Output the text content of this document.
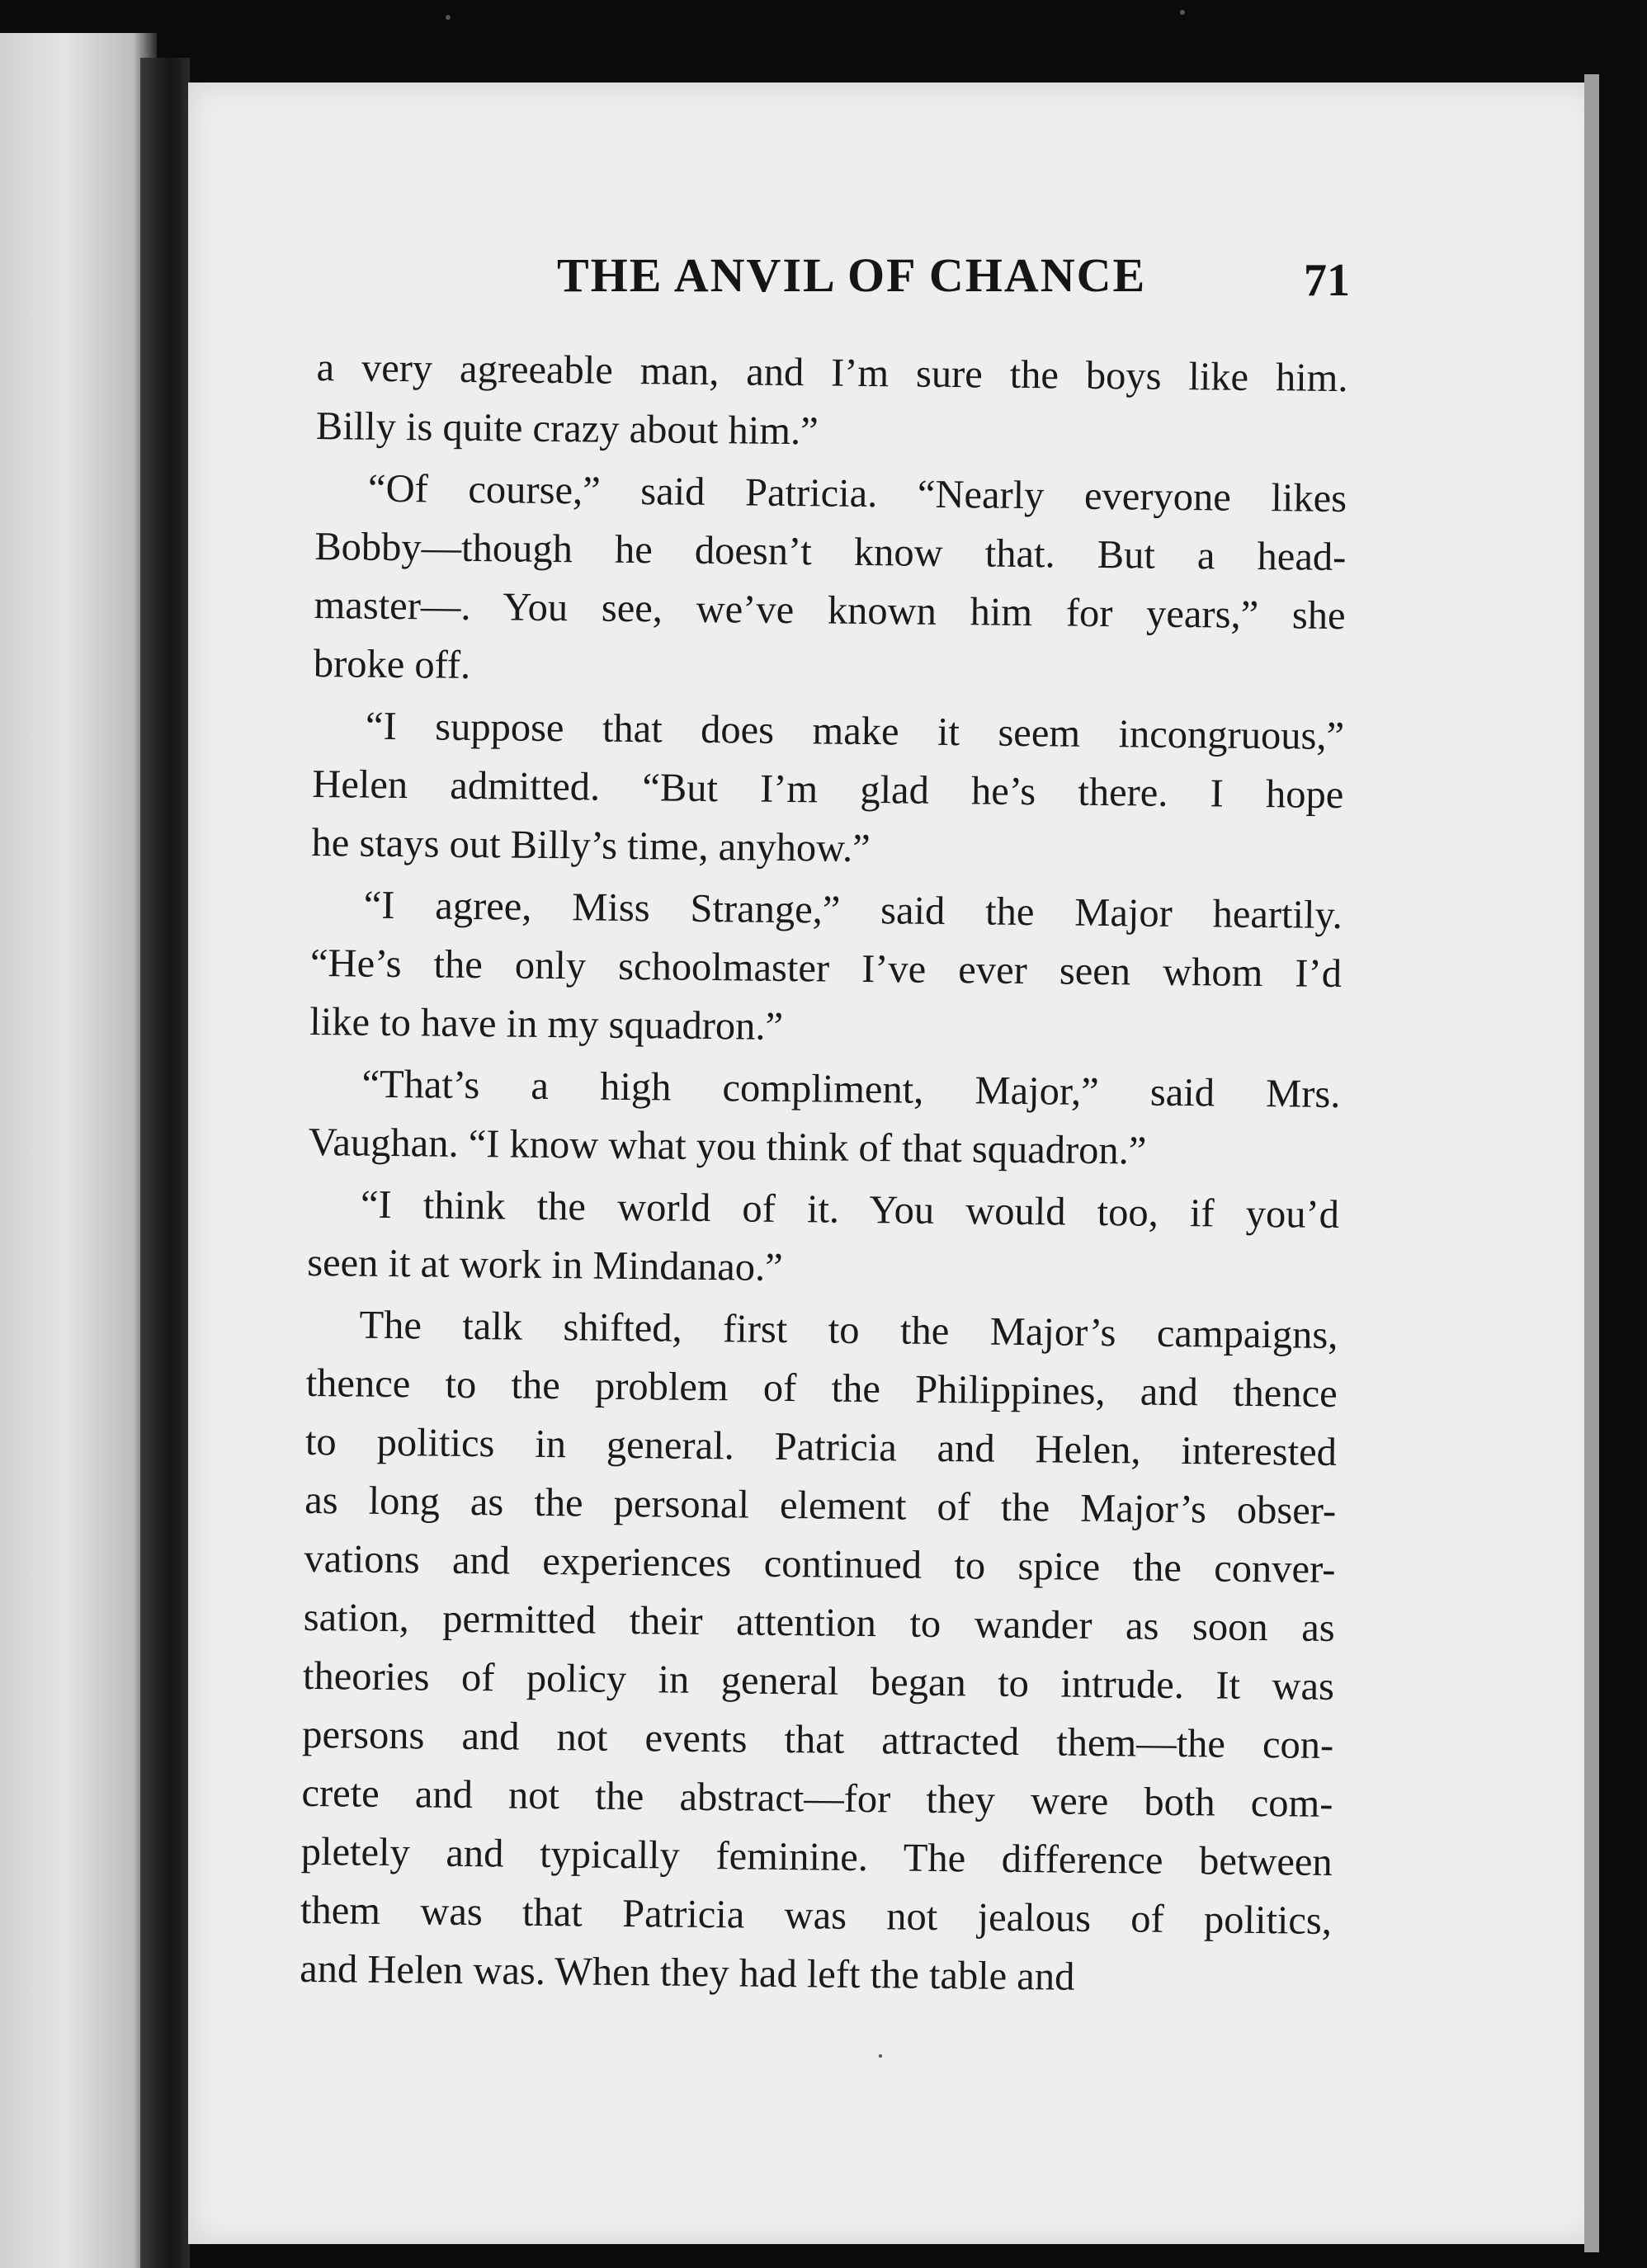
THE ANVIL OF CHANCE	71
a very agreeable man, and I’m sure the boys like him.
Billy is quite crazy about him.”
“Of course,” said Patricia. “Nearly everyone likes
Bobby—though he doesn’t know that. But a head-
master—. You see, we’ve known him for years,” she
broke off.
“I suppose that does make it seem incongruous,”
Helen admitted. “But I’m glad he’s there. I hope
he stays out Billy’s time, anyhow.”
“I agree, Miss Strange,” said the Major heartily.
“He’s the only schoolmaster I’ve ever seen whom I’d
like to have in my squadron.”
“That’s a high compliment, Major,” said Mrs.
Vaughan. “I know what you think of that squadron.”
“I think the world of it. You would too, if you’d
seen it at work in Mindanao.”
The talk shifted, first to the Major’s campaigns,
thence to the problem of the Philippines, and thence
to politics in general. Patricia and Helen, interested
as long as the personal element of the Major’s obser-
vations and experiences continued to spice the conver-
sation, permitted their attention to wander as soon as
theories of policy in general began to intrude. It was
persons and not events that attracted them—the con-
crete and not the abstract—for they were both com-
pletely and typically feminine. The difference between
them was that Patricia was not jealous of politics,
and Helen was. When they had left the table and
